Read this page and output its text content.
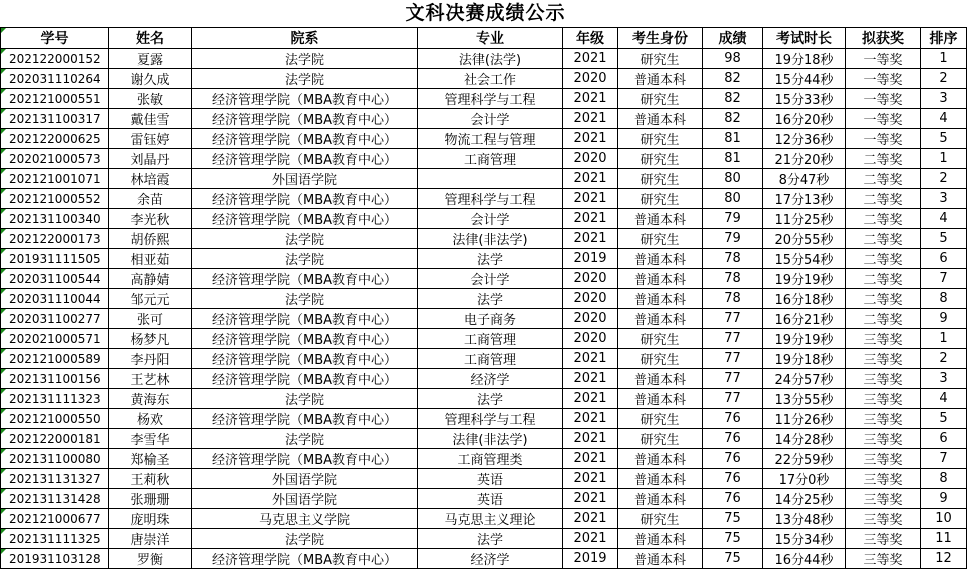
文科决赛成绩公示
学号	姓名	院系	专业	年级	考生身份	成绩	考试时长	拟获奖	排序
202122000152	夏露	法学院	法律(法学)	2021	研究生	98	19分18秒	一等奖	1
202031110264	谢久成	法学院	社会工作	2020	普通本科	82	15分44秒	一等奖	2
202121000551	张敏	经济管理学院（MBA教育中心）	管理科学与工程	2021	研究生	82	15分33秒	一等奖	3
202131100317	戴佳雪	经济管理学院（MBA教育中心）	会计学	2021	普通本科	82	16分20秒	一等奖	4
202122000625	雷钰婷	经济管理学院（MBA教育中心）	物流工程与管理	2021	研究生	81	12分36秒	一等奖	5
202021000573	刘晶丹	经济管理学院（MBA教育中心）	工商管理	2020	研究生	81	21分20秒	二等奖	1
202121001071	林培霞	外国语学院		2021	研究生	80	8分47秒	二等奖	2
202121000552	余苗	经济管理学院（MBA教育中心）	管理科学与工程	2021	研究生	80	17分13秒	二等奖	3
202131100340	李光秋	经济管理学院（MBA教育中心）	会计学	2021	普通本科	79	11分25秒	二等奖	4
202122000173	胡侨熙	法学院	法律(非法学)	2021	研究生	79	20分55秒	二等奖	5
201931111505	相亚茹	法学院	法学	2019	普通本科	78	15分54秒	二等奖	6
202031100544	高静婧	经济管理学院（MBA教育中心）	会计学	2020	普通本科	78	19分19秒	二等奖	7
202031110044	邹元元	法学院	法学	2020	普通本科	78	16分18秒	二等奖	8
202031100277	张可	经济管理学院（MBA教育中心）	电子商务	2020	普通本科	77	16分21秒	二等奖	9
202021000571	杨梦凡	经济管理学院（MBA教育中心）	工商管理	2020	研究生	77	19分19秒	三等奖	1
202121000589	李丹阳	经济管理学院（MBA教育中心）	工商管理	2021	研究生	77	19分18秒	三等奖	2
202131100156	王艺林	经济管理学院（MBA教育中心）	经济学	2021	普通本科	77	24分57秒	三等奖	3
202131111323	黄海东	法学院	法学	2021	普通本科	77	13分55秒	三等奖	4
202121000550	杨欢	经济管理学院（MBA教育中心）	管理科学与工程	2021	研究生	76	11分26秒	三等奖	5
202122000181	李雪华	法学院	法律(非法学)	2021	研究生	76	14分28秒	三等奖	6
202131100080	郑榆圣	经济管理学院（MBA教育中心）	工商管理类	2021	普通本科	76	22分59秒	三等奖	7
202131131327	王莉秋	外国语学院	英语	2021	普通本科	76	17分0秒	三等奖	8
202131131428	张珊珊	外国语学院	英语	2021	普通本科	76	14分25秒	三等奖	9
202121000677	庞明珠	马克思主义学院	马克思主义理论	2021	研究生	75	13分48秒	三等奖	10
202131111325	唐崇洋	法学院	法学	2021	普通本科	75	15分34秒	三等奖	11
201931103128	罗衡	经济管理学院（MBA教育中心）	经济学	2019	普通本科	75	16分44秒	三等奖	12
